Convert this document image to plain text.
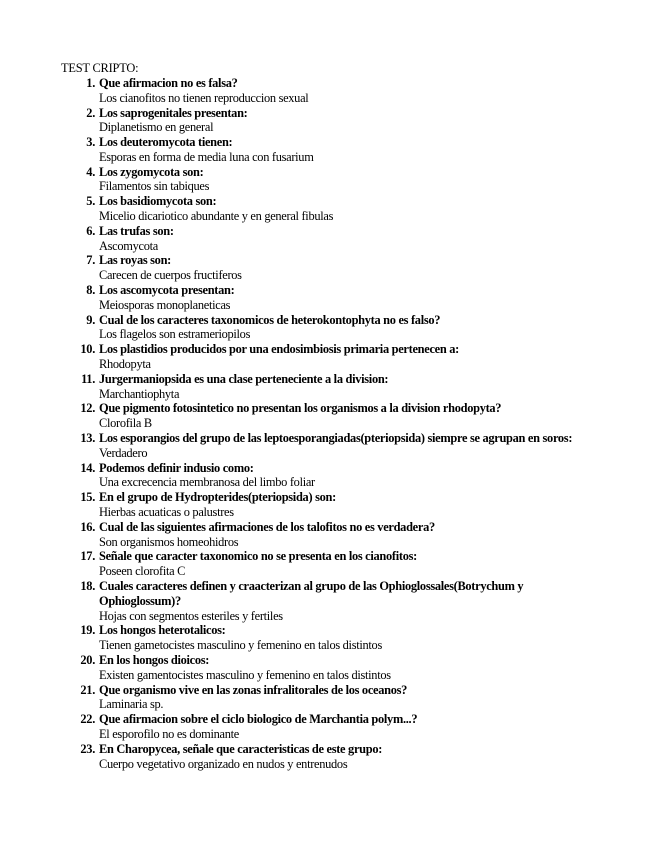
TEST CRIPTO:

1. Que afirmacion no es falsa?
Los cianofitos no tienen reproduccion sexual
2. Los saprogenitales presentan:
Diplanetismo en general
3. Los deuteromycota tienen:
Esporas en forma de media luna con fusarium
4. Los zygomycota son:
Filamentos sin tabiques
5. Los basidiomycota son:
Micelio dicariotico abundante y en general fibulas
6. Las trufas son:
Ascomycota
7. Las royas son:
Carecen de cuerpos fructiferos
8. Los ascomycota presentan:
Meiosporas monoplaneticas
9. Cual de los caracteres taxonomicos de heterokontophyta no es falso?
Los flagelos son estrameriopilos
10. Los plastidios producidos por una endosimbiosis primaria pertenecen a:
Rhodopyta
11. Jurgermaniopsida es una clase perteneciente a la division:
Marchantiophyta
12. Que pigmento fotosintetico no presentan los organismos a la division rhodopyta?
Clorofila B
13. Los esporangios del grupo de las leptoesporangiadas(pteriopsida) siempre se agrupan en soros:
Verdadero
14. Podemos definir indusio como:
Una excrecencia membranosa del limbo foliar
15. En el grupo de Hydropterides(pteriopsida) son:
Hierbas acuaticas o palustres
16. Cual de las siguientes afirmaciones de los talofitos no es verdadera?
Son organismos homeohidros
17. Señale que caracter taxonomico no se presenta en los cianofitos:
Poseen clorofita C
18. Cuales caracteres definen y craacterizan al grupo de las Ophioglossales(Botrychum y Ophioglossum)?
Hojas con segmentos esteriles y fertiles
19. Los hongos heterotalicos:
Tienen gametocistes masculino y femenino en talos distintos
20. En los hongos dioicos:
Existen gamentocistes masculino y femenino en talos distintos
21. Que organismo vive en las zonas infralitorales de los oceanos?
Laminaria sp.
22. Que afirmacion sobre el ciclo biologico de Marchantia polym...?
El esporofilo no es dominante
23. En Charopycea, señale que caracteristicas de este grupo:
Cuerpo vegetativo organizado en nudos y entrenudos
